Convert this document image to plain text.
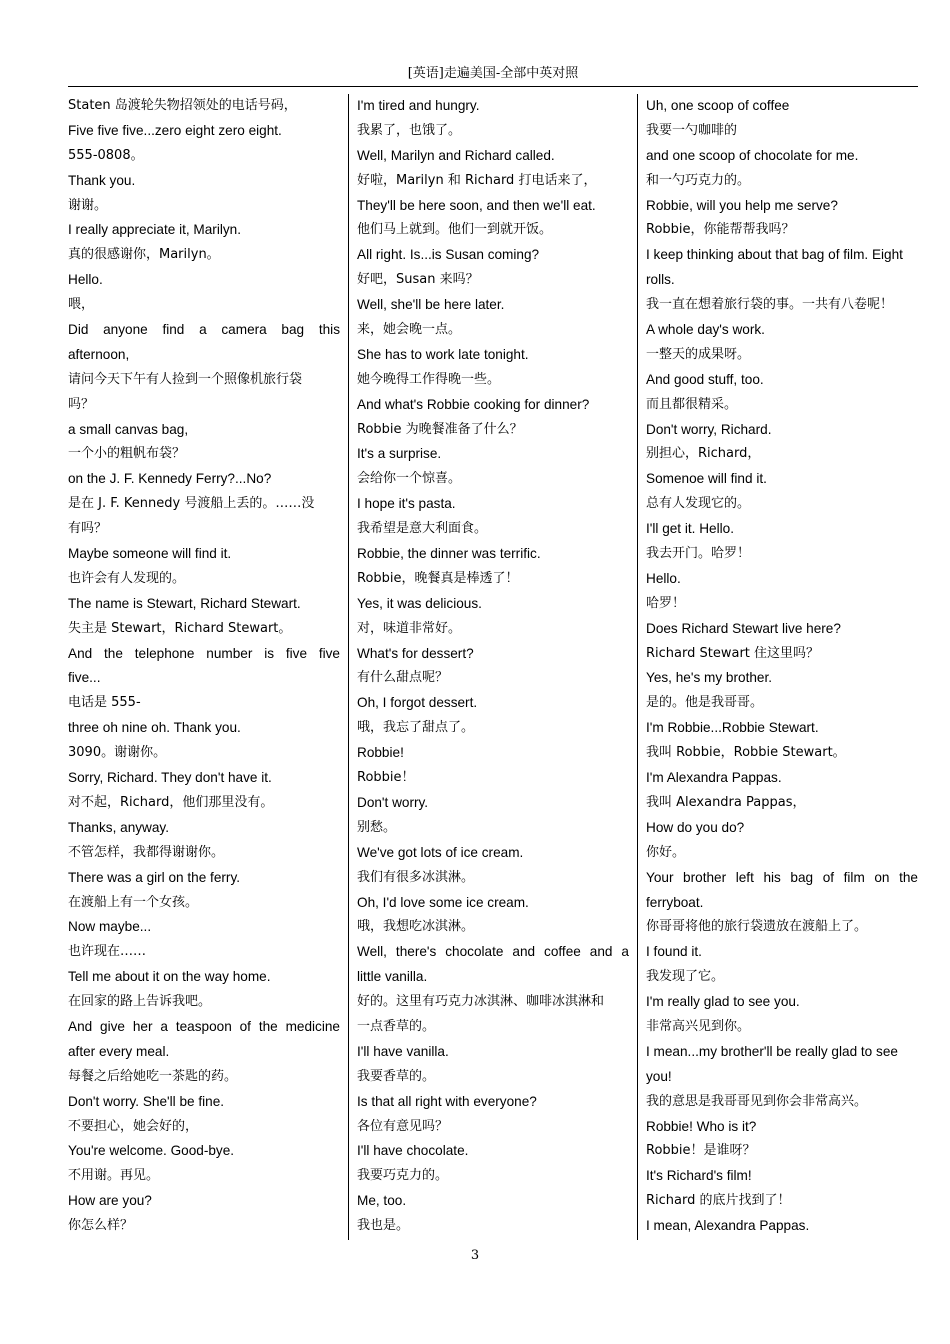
[英语]走遍美国-全部中英对照
Staten 岛渡轮失物招领处的电话号码，
Five five five...zero eight zero eight.
555-0808。
Thank you.
谢谢。
I really appreciate it, Marilyn.
真的很感谢你，Marilyn。
Hello.
喂，
Did anyone find a camera bag this
afternoon,
请问今天下午有人捡到一个照像机旅行袋
吗？
a small canvas bag,
一个小的粗帆布袋？
on the J. F. Kennedy Ferry?...No?
是在 J. F. Kennedy 号渡船上丢的。……没
有吗？
Maybe someone will find it.
也许会有人发现的。
The name is Stewart, Richard Stewart.
失主是 Stewart，Richard Stewart。
And the telephone number is five five
five...
电话是 555-
three oh nine oh. Thank you.
3090。谢谢你。
Sorry, Richard. They don't have it.
对不起，Richard，他们那里没有。
Thanks, anyway.
不管怎样，我都得谢谢你。
There was a girl on the ferry.
在渡船上有一个女孩。
Now maybe...
也许现在……
Tell me about it on the way home.
在回家的路上告诉我吧。
And give her a teaspoon of the medicine
after every meal.
每餐之后给她吃一茶匙的药。
Don't worry. She'll be fine.
不要担心，她会好的，
You're welcome. Good-bye.
不用谢。再见。
How are you?
你怎么样？
I'm tired and hungry.
我累了，也饿了。
Well, Marilyn and Richard called.
好啦，Marilyn 和 Richard 打电话来了，
They'll be here soon, and then we'll eat.
他们马上就到。他们一到就开饭。
All right. Is...is Susan coming?
好吧，Susan 来吗？
Well, she'll be here later.
来，她会晚一点。
She has to work late tonight.
她今晚得工作得晚一些。
And what's Robbie cooking for dinner?
Robbie 为晚餐准备了什么？
It's a surprise.
会给你一个惊喜。
I hope it's pasta.
我希望是意大利面食。
Robbie, the dinner was terrific.
Robbie，晚餐真是棒透了！
Yes, it was delicious.
对，味道非常好。
What's for dessert?
有什么甜点呢？
Oh, I forgot dessert.
哦，我忘了甜点了。
Robbie!
Robbie！
Don't worry.
别愁。
We've got lots of ice cream.
我们有很多冰淇淋。
Oh, I'd love some ice cream.
哦，我想吃冰淇淋。
Well, there's chocolate and coffee and a
little vanilla.
好的。这里有巧克力冰淇淋、咖啡冰淇淋和
一点香草的。
I'll have vanilla.
我要香草的。
Is that all right with everyone?
各位有意见吗？
I'll have chocolate.
我要巧克力的。
Me, too.
我也是。
Uh, one scoop of coffee
我要一勺咖啡的
and one scoop of chocolate for me.
和一勺巧克力的。
Robbie, will you help me serve?
Robbie，你能帮帮我吗？
I keep thinking about that bag of film. Eight
rolls.
我一直在想着旅行袋的事。一共有八卷呢！
A whole day's work.
一整天的成果呀。
And good stuff, too.
而且都很精采。
Don't worry, Richard.
别担心，Richard，
Somenoe will find it.
总有人发现它的。
I'll get it. Hello.
我去开门。哈罗！
Hello.
哈罗！
Does Richard Stewart live here?
Richard Stewart 住这里吗？
Yes, he's my brother.
是的。他是我哥哥。
I'm Robbie...Robbie Stewart.
我叫 Robbie，Robbie Stewart。
I'm Alexandra Pappas.
我叫 Alexandra Pappas，
How do you do?
你好。
Your brother left his bag of film on the
ferryboat.
你哥哥将他的旅行袋遗放在渡船上了。
I found it.
我发现了它。
I'm really glad to see you.
非常高兴见到你。
I mean...my brother'll be really glad to see
you!
我的意思是我哥哥见到你会非常高兴。
Robbie! Who is it?
Robbie！是谁呀？
It's Richard's film!
Richard 的底片找到了！
I mean, Alexandra Pappas.
3
